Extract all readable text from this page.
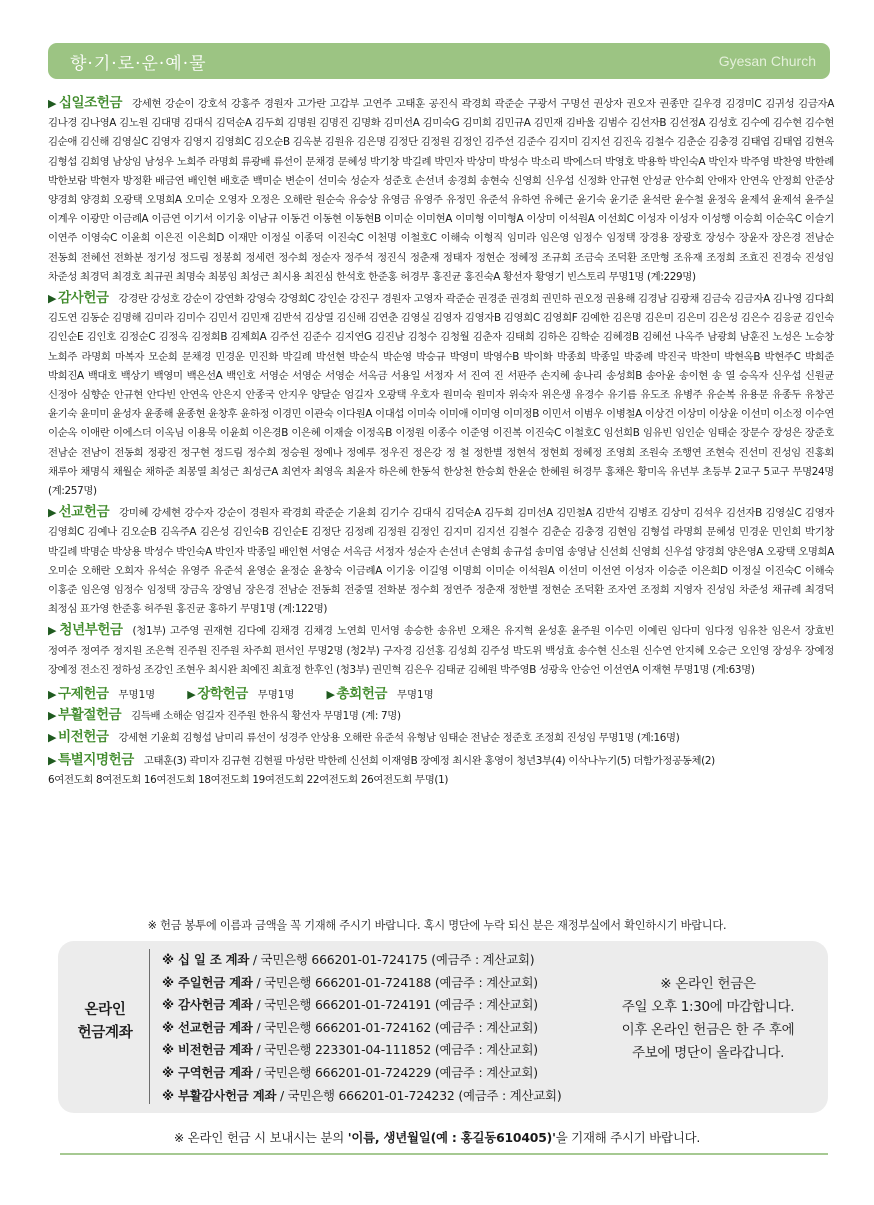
향·기·로·운·예·물	Gyesan Church

▶ 십일조헌금 강세현 강순이 강호석 강홍주 경원자 고가란 고갑부 고연주 고태훈 공진식 곽경희 곽준순 구광서 구명선 권상자 권오자 권종만 길우경 김경미C 김귀성 김금자A 김나경 김나영A 김노원 김대명 김대식 김덕순A 김두희 김명원 김명진 김명화 김미선A 김미숙G 김미희 김민규A 김민재 김바울 김범수 김선자B 김선정A 김성호 김수예 김수현 김수현 김순애 김신해 김영실C 김영자 김영지 김영희C 김오순B 김옥분 김원유 김은명 김정단 김정원 김정인 김주선 김준수 김지미 김지선 김진옥 김철수 김춘순 김충경 김태엽 김태엽 김현옥 김형섭 김희영 남상임 남성우 노희주 라명희 류광배 류선이 문채경 문혜성 박기창 박길례 박민자 박상미 박성수 박소리 박에스더 박영호 박용학 박인숙A 박인자 박주영 박찬영 박한례 박한보람 박현자 방정환 배금연 배인현 배호준 백미순 변순이 선미숙 성순자 성준호 손선녀 송경희 송현숙 신영희 신우섭 신정화 안규현 안성균 안수희 안애자 안연옥 안정희 안준상 양경희 양경희 오광택 오명희A 오미순 오영자 오정은 오해란 원순숙 유승상 유영금 유영주 유정민 유준석 유하연 유혜근 윤기숙 윤기준 윤석란 윤수철 윤정옥 윤제석 윤제석 윤주실 이계우 이광만 이금례A 이금연 이기서 이기웅 이남규 이동건 이동현 이동현B 이미순 이미현A 이미형 이미형A 이상미 이석원A 이선희C 이성자 이성자 이성행 이승희 이순옥C 이슬기 이연주 이영숙C 이윤희 이은진 이은희D 이재만 이정실 이종덕 이진숙C 이천명 이철호C 이해숙 이형직 임미라 임은영 임정수 임정택 장경용 장광호 장성수 장윤자 장은경 전남순 전동희 전혜선 전화분 정기성 정드림 정봉희 정세련 정수희 정순자 정주석 정진식 정춘재 정태자 정현순 정혜정 조규희 조금숙 조덕환 조만형 조유재 조정희 조효진 진경숙 진성임 차준성 최경덕 최경호 최규권 최명숙 최봉임 최성근 최시용 최진심 한석호 한준홍 허경무 홍진균 홍진숙A 황선자 황영기 빈스토리 무명1명 (계:229명)

▶ 감사헌금 강경란 강성호 강순이 강연화 강영숙 강영희C 강인순 강진구 경원자 고영자 곽준순 권경준 권경희 권민하 권오정 권용해 김경남 김광채 김금숙 김금자A 김나영 김다희 김도연 김동순 김명해 김미라 김미수 김민서 김민재 김반석 김상열 김신해 김연춘 김영실 김영자 김영자B 김영희C 김영희F 김예한 김은명 김은미 김은미 김은성 김은수 김응균 김인숙 김인순E 김인호 김정순C 김정옥 김정희B 김제희A 김주선 김준수 김지연G 김진남 김청수 김청월 김춘자 김태희 김하은 김학순 김혜경B 김혜선 나옥주 남광희 남훈진 노성은 노승창 노희주 라명희 마복자 모순희 문채경 민경운 민진화 박길례 박선현 박순식 박순영 박승규 박영미 박영수B 박이화 박종희 박종일 박중례 박진국 박찬미 박현옥B 박현주C 박희준 박희진A 백대호 백상기 백영미 백은선A 백인호 서영순 서영순 서영순 서옥금 서용일 서정자 서 진여 진 서판주 손지혜 송나리 송성희B 송아윤 송이현 송 열 승옥자 신우섭 신원균 신정아 심향순 안규현 안다빈 안연옥 안은지 안종국 안지우 양달순 엄길자 오광택 우호자 원미숙 원미자 위숙자 위은생 유경수 유기름 유도조 유병주 유순복 유용문 유종두 유창곤 윤기숙 윤미미 윤성자 윤종해 윤종현 윤창후 윤하정 이경민 이관숙 이다원A 이대섭 이미숙 이미애 이미영 이미정B 이민서 이범우 이병철A 이상건 이상미 이상윤 이선미 이소정 이수연 이순옥 이애란 이에스더 이옥님 이용묵 이윤희 이은경B 이은혜 이재술 이정옥B 이정원 이종수 이준영 이진복 이진숙C 이철호C 임선희B 임유빈 임인순 임태순 장문수 장성은 장준호 전남순 전남이 전동희 정광진 정구현 정드림 정수희 정승원 정예나 정예루 정우진 정은강 정 철 정한별 정현석 정현희 정혜정 조영희 조원숙 조행연 조현숙 진선미 진성임 진홍회 채루아 채명식 채월순 채하준 최봉열 최성근 최성근A 최연자 최영옥 최윤자 하은혜 한동석 한상천 한승희 한윤순 한혜원 허경무 홍채은 황미옥 유년부 초등부 2교구 5교구 무명24명 (계:257명)

▶ 선교헌금 강미혜 강세현 강수자 강순이 경원자 곽경희 곽준순 기윤희 김기수 김대식 김덕순A 김두희 김미선A 김민철A 김반석 김병조 김상미 김석우 김선자B 김영실C 김영자 김영희C 김예나 김오순B 김옥주A 김은성 김인숙B 김인순E 김정단 김정례 김정원 김정인 김지미 김지선 김철수 김춘순 김충경 김현임 김형섭 라명희 문혜성 민경운 민인희 박기창 박길례 박명순 박상용 박성수 박인숙A 박인자 박종일 배인현 서영순 서옥금 서정자 성순자 손선녀 손영희 송규섭 송미엽 송영남 신선희 신영희 신우섭 양경희 양은영A 오광택 오명희A 오미순 오해란 오희자 유석순 유영주 유준석 윤영순 윤정순 윤창숙 이금례A 이기웅 이길영 이명희 이미순 이석원A 이선미 이선연 이성자 이승준 이은희D 이정실 이진숙C 이해숙 이홍준 임은영 임정수 임정택 장금옥 장영님 장은경 전남순 전동희 전중열 전화분 정수희 정연주 정춘재 정한별 정현순 조덕환 조자연 조정희 지영자 진성임 차준성 채규례 최경덕 최정심 표가영 한준홍 허주원 홍진균 홍하기 무명1명 (계:122명)

▶ 청년부헌금 (청1부) 고주영 권재현 김다예 김채경 김채경 노연희 민서영 송승한 송유빈 오채은 유지혁 윤성훈 윤주원 이수민 이예린 임다미 임다정 임유찬 임은서 장효빈 정여주 정여주 정지원 조은혁 진주원 진주원 차주희 편서인 무명2명 (청2부) 구자경 김선홍 김성희 김주성 박도위 백성효 송수현 신소원 신수연 안지혜 오승근 오인영 장성우 장예정 장예정 전소진 정하성 조강인 조현우 최시완 최예진 최효정 한후인 (청3부) 권민혁 김은우 김태균 김혜원 박주영B 성광욱 안승언 이선연A 이재현 무명1명 (계:63명)

▶ 구제헌금 무명1명	▶ 장학헌금 무명1명	▶ 총회헌금 무명1명

▶ 부활절헌금 김득배 소해순 엄길자 진주원 한유식 황선자 무명1명 (계: 7명)

▶ 비전헌금 강세현 기윤희 김형섭 남미리 류선이 성경주 안상용 오해란 유준석 유형남 임태순 전남순 정준호 조정희 진성임 무명1명 (계:16명)

▶ 특별지명헌금 고태훈(3) 곽미자 김규현 김현필 마성란 박한례 신선희 이재영B 장예정 최시완 홍영이 청년3부(4) 이삭나누기(5) 더함가정공동체(2)

6여전도회 8여전도회 16여전도회 18여전도회 19여전도회 22여전도회 26여전도회 무명(1)

※ 헌금 봉투에 이름과 금액을 꼭 기재해 주시기 바랍니다. 혹시 명단에 누락 되신 분은 재정부실에서 확인하시기 바랍니다.
온라인
헌금계좌
※ 십 일 조 계좌 / 국민은행 666201-01-724175 (예금주 : 계산교회)
※ 주일헌금 계좌 / 국민은행 666201-01-724188 (예금주 : 계산교회)
※ 감사헌금 계좌 / 국민은행 666201-01-724191 (예금주 : 계산교회)
※ 선교헌금 계좌 / 국민은행 666201-01-724162 (예금주 : 계산교회)
※ 비전헌금 계좌 / 국민은행 223301-04-111852 (예금주 : 계산교회)
※ 구역헌금 계좌 / 국민은행 666201-01-724229 (예금주 : 계산교회)
※ 부활감사헌금 계좌 / 국민은행 666201-01-724232 (예금주 : 계산교회)
※ 온라인 헌금은
주일 오후 1:30에 마감합니다.
이후 온라인 헌금은 한 주 후에
주보에 명단이 올라갑니다.
※ 온라인 헌금 시 보내시는 분의 '이름, 생년월일(예 : 홍길동610405)'을 기재해 주시기 바랍니다.
